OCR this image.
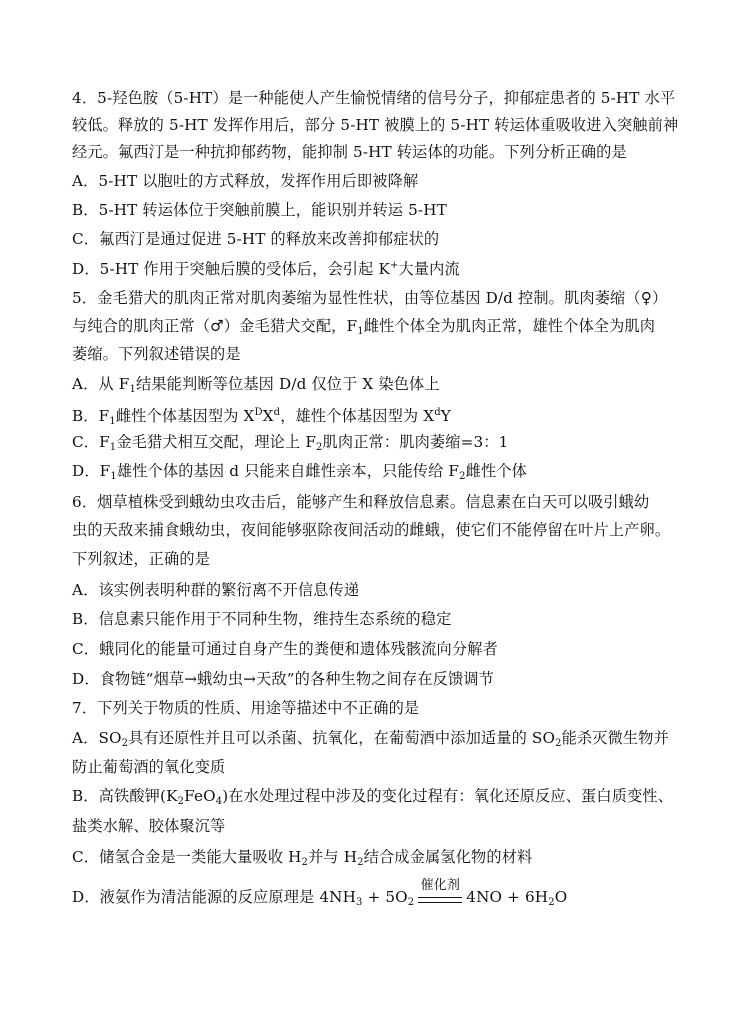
4．5-羟色胺（5-HT）是一种能使人产生愉悦情绪的信号分子，抑郁症患者的 5-HT 水平
较低。释放的 5-HT 发挥作用后，部分 5-HT 被膜上的 5-HT 转运体重吸收进入突触前神
经元。氟西汀是一种抗抑郁药物，能抑制 5-HT 转运体的功能。下列分析正确的是
A．5-HT 以胞吐的方式释放，发挥作用后即被降解
B．5-HT 转运体位于突触前膜上，能识别并转运 5-HT
C．氟西汀是通过促进 5-HT 的释放来改善抑郁症状的
D．5-HT 作用于突触后膜的受体后，会引起 K+大量内流
5．金毛猎犬的肌肉正常对肌肉萎缩为显性性状，由等位基因 D/d 控制。肌肉萎缩（♀）
与纯合的肌肉正常（♂）金毛猎犬交配，$F_1$雌性个体全为肌肉正常，雄性个体全为肌肉
萎缩。下列叙述错误的是
A．从 $F_1$结果能判断等位基因 D/d 仅位于 X 染色体上
B．$F_1$雌性个体基因型为 $X^DX^d$，雄性个体基因型为 $X^dY$
C．$F_1$金毛猎犬相互交配，理论上 $F_2$肌肉正常：肌肉萎缩=3：1
D．$F_1$雄性个体的基因 d 只能来自雌性亲本，只能传给 $F_2$雌性个体
6．烟草植株受到蛾幼虫攻击后，能够产生和释放信息素。信息素在白天可以吸引蛾幼
虫的天敌来捕食蛾幼虫，夜间能够驱除夜间活动的雌蛾，使它们不能停留在叶片上产卵。
下列叙述，正确的是
A．该实例表明种群的繁衍离不开信息传递
B．信息素只能作用于不同种生物，维持生态系统的稳定
C．蛾同化的能量可通过自身产生的粪便和遗体残骸流向分解者
D．食物链“烟草→蛾幼虫→天敌”的各种生物之间存在反馈调节
7．下列关于物质的性质、用途等描述中不正确的是
A．$SO_2$具有还原性并且可以杀菌、抗氧化，在葡萄酒中添加适量的 $SO_2$能杀灭微生物并
防止葡萄酒的氧化变质
B．高铁酸钾$(K_2FeO_4)$在水处理过程中涉及的变化过程有：氧化还原反应、蛋白质变性、
盐类水解、胶体聚沉等
C．储氢合金是一类能大量吸收 $H_2$并与 $H_2$结合成金属氢化物的材料
D．液氨作为清洁能源的反应原理是 $4NH_3 + 5O_2$
催化剂
$4NO + 6H_2O$
